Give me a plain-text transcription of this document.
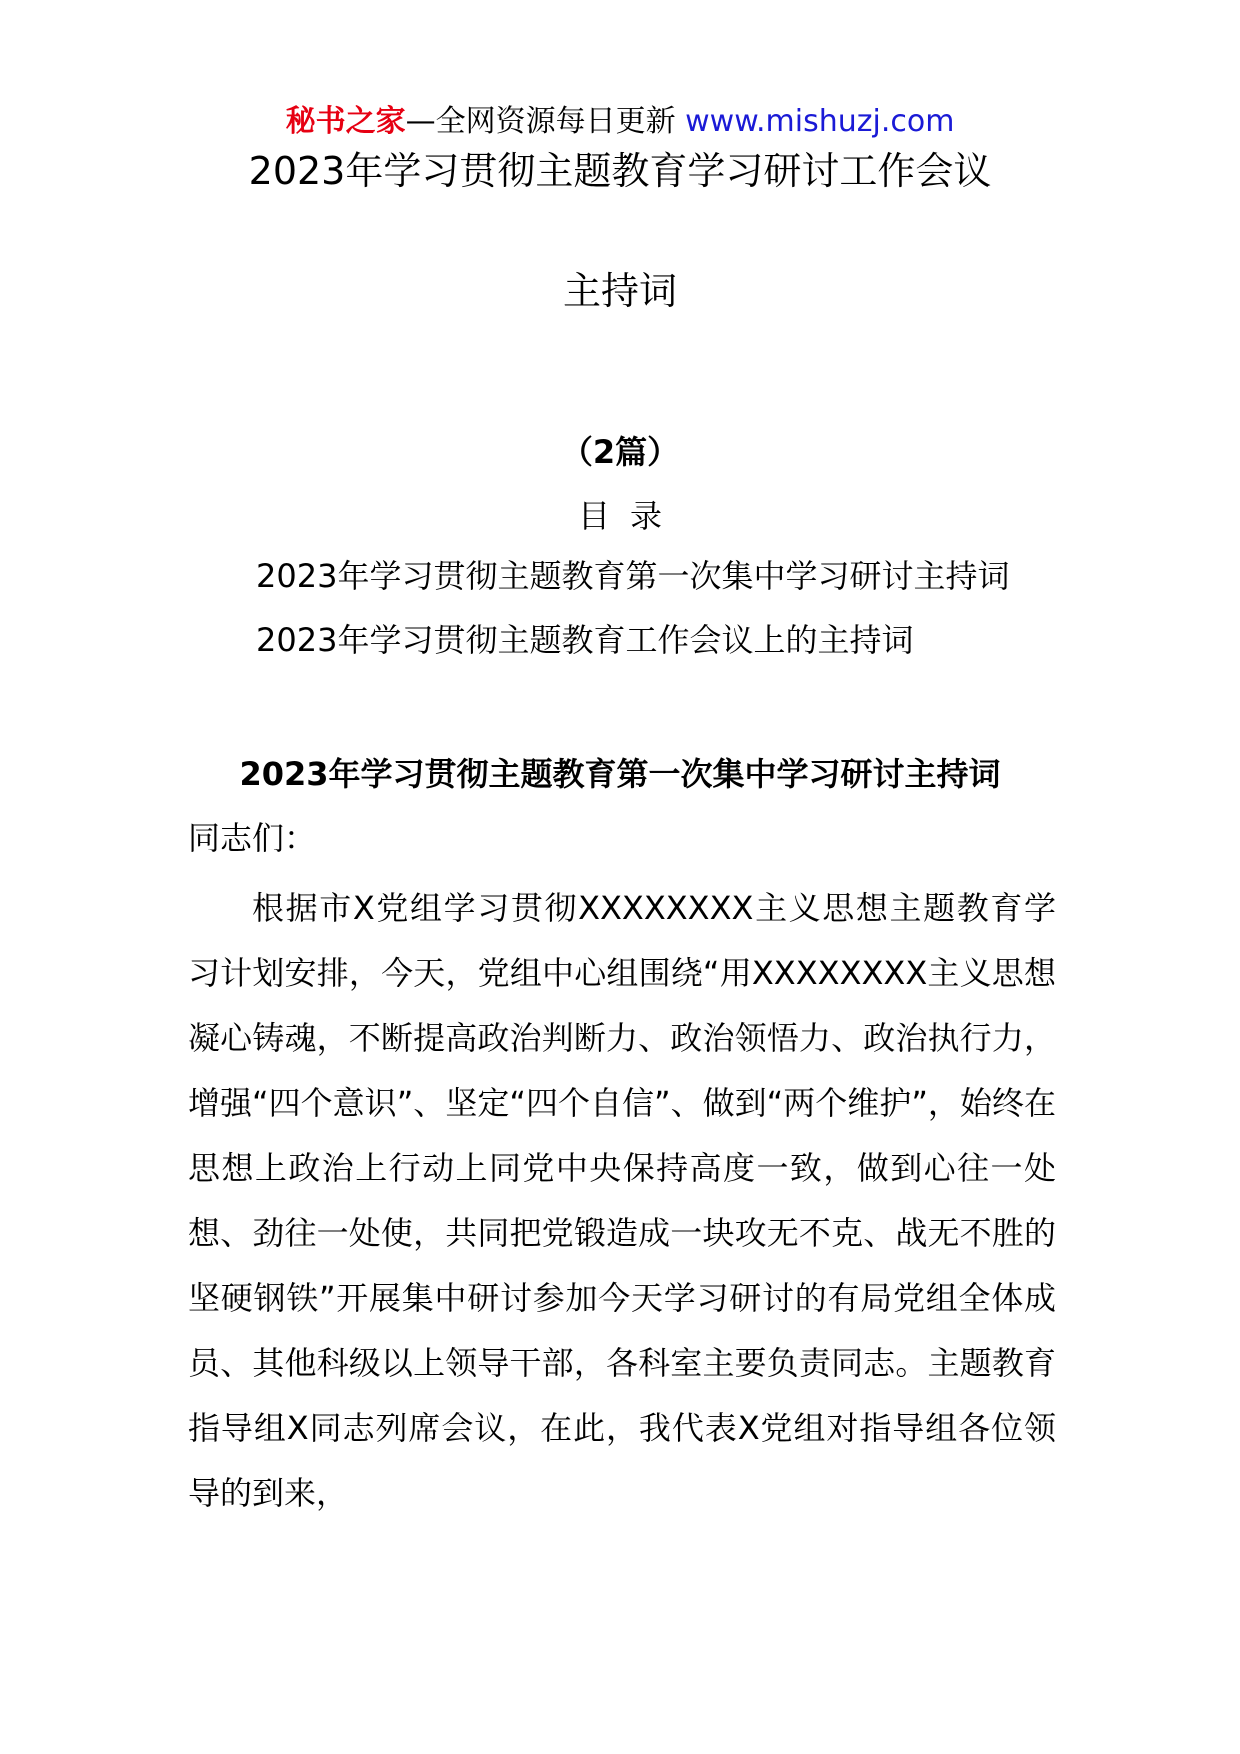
秘书之家—全网资源每日更新 www.mishuzj.com
2023年学习贯彻主题教育学习研讨工作会议
主持词
（2篇）
目录
2023年学习贯彻主题教育第一次集中学习研讨主持词
2023年学习贯彻主题教育工作会议上的主持词
2023年学习贯彻主题教育第一次集中学习研讨主持词
同志们：
根据市X党组学习贯彻XXXXXXXX主义思想主题教育学习计划安排，今天，党组中心组围绕“用XXXXXXXX主义思想凝心铸魂，不断提高政治判断力、政治领悟力、政治执行力，增强“四个意识”、坚定“四个自信”、做到“两个维护”，始终在思想上政治上行动上同党中央保持高度一致，做到心往一处想、劲往一处使，共同把党锻造成一块攻无不克、战无不胜的坚硬钢铁”开展集中研讨参加今天学习研讨的有局党组全体成员、其他科级以上领导干部，各科室主要负责同志。主题教育指导组X同志列席会议，在此，我代表X党组对指导组各位领导的到来，
